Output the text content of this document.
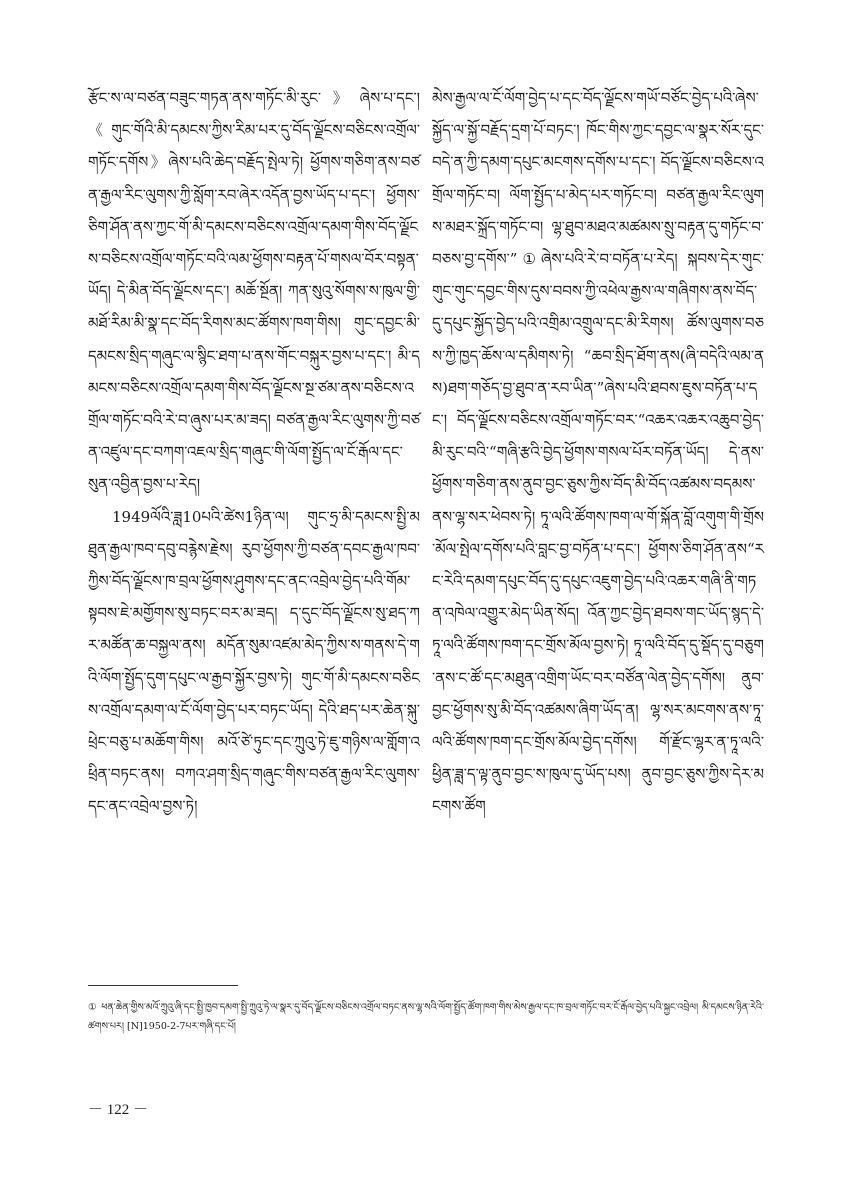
རྩོང་ས་ལ་བཙན་བཟུང་གཏན་ནས་གཏོང་མི་རུང་》ཞེས་པ་དང་། 《གུང་གོའི་མི་དམངས་ཀྱིས་རིམ་པར་དུ་བོད་ལྗོངས་བཅིངས་འགྲོལ་གཏོང་དགོས》ཞེས་པའི་ཆེད་བརྗོད་སྤེལ་ཏེ། ཕྱོགས་གཅིག་ནས་བཙན་རྒྱལ་རིང་ལུགས་ཀྱི་སློག་རབ་ཞེར་འདོན་བྱས་ཡོད་པ་དང་། ཕྱོགས་ཅིག་ཤོན་ནས་ཀྱང་གོ་མི་དམངས་བཅིངས་འགྲོལ་དམག་གིས་བོད་ལྗོངས་བཅིངས་འགྲོལ་གཏོང་བའི་ལམ་ཕྱོགས་བརྟན་པོ་གསལ་བོར་བསྟན་ཡོད། དེ་མིན་བོད་ལྗོངས་དང་། མཆོ་སྔོན། ཀན་སུའུ་སོགས་ས་ཁུལ་གྱི་མཐོ་རིམ་མི་སྣ་དང་བོད་རིགས་མང་ཚོགས་ཁག་གིས། གུང་དབྱང་མི་དམངས་སྲིད་གཞུང་ལ་སྙིང་ཐག་པ་ནས་གོང་བསྐུར་བྱས་པ་དང་། མི་དམངས་བཅིངས་འགྲོལ་དམག་གིས་བོད་ལྗོངས་སྔ་ཙམ་ནས་བཅིངས་འགྲོལ་གཏོང་བའི་རེ་བ་ཞུས་པར་མ་ཟད། བཙན་རྒྱལ་རིང་ལུགས་ཀྱི་བཙན་འཛུལ་དང་བཀག་འཇལ་སྲིད་གཞུང་གི་ལོག་སྤྱོད་ལ་ངོ་རྒོལ་དང་སུན་འབྱིན་བྱས་པ་རེད།

1949ལོའི་ཟླ10པའི་ཚེས1ཉིན་ལ། གུང་ཧྲ་མི་དམངས་སྤྱི་མཐུན་རྒྱལ་ཁབ་དབུ་བརྙེས་རྗེས། རུབ་ཕྱོགས་ཀྱི་བཙན་དབང་རྒྱལ་ཁབ་ཀྱིས་བོད་ལྗོངས་ཁ་བྲལ་ཕྱོགས་ཤུགས་དང་ནང་འབྲེལ་བྱེད་པའི་གོམ་སྟབས་ཇེ་མགྱོགས་སུ་བཏང་བར་མ་ཟད། ད་དུང་བོད་ལྗོངས་སུ་ཐད་ཀར་མཚོན་ཆ་བསྐྱལ་ནས། མདོན་སུམ་འཛམ་མེད་ཀྱིས་ས་གནས་དེ་གའི་ལོག་སྤྱོད་དུག་དཔུང་ལ་རྒྱབ་སྐྱོར་བྱས་ཏེ། གུང་གོ་མི་དམངས་བཅིངས་འགྲོལ་དམག་ལ་ངོ་ལོག་བྱེད་པར་བཏང་ཡོད། དེའི་ཐད་པར་ཆེན་སྐུ་ཕྲེང་བཅུ་པ་མཆོག་གིས། མའོ་ཙེ་ཏུང་དང་ཀྲུའུ་ཏེ་ཇུ་གཉིས་ལ་གློག་འཕྲིན་བཏང་ནས། བཀའ་ཤག་སྲིད་གཞུང་གིས་བཙན་རྒྱལ་རིང་ལུགས་དང་ནང་འབྲེལ་བྱས་ཏེ།

མེས་རྒྱལ་ལ་ངོ་ལོག་བྱེད་པ་དང་བོད་ལྗོངས་གཡོ་བཙོང་བྱེད་པའི་ཞེས་སྐྱོད་ལ་སྐྱོ་བརྗོད་དྲག་པོ་བཏང་། ཁོང་གིས་ཀྱང་དབྱང་ལ་སྣར་སོར་དུང་བདེ་ན་ཀྱི་དམག་དཔུང་མངགས་དགོས་པ་དང་། བོད་ལྗོངས་བཅིངས་འགྲོལ་གཏོང་བ། ལོག་སྤྱོད་པ་མེད་པར་གཏོང་བ། བཙན་རྒྱལ་རིང་ལུགས་མཐར་སྐྲོད་གཏོང་བ། ལྷ་ཐུབ་མཐའ་མཚམས་སྲུ་བརྟན་དུ་གཏོང་བ་བཅས་བྱ་དགོས་”①ཞེས་པའི་རེ་བ་བཏོན་པ་རེད། སྐབས་དེར་གུང་གུང་གུང་དབྱང་གིས་དུས་བབས་ཀྱི་འཕེལ་རྒྱས་ལ་གཞིགས་ནས་བོད་དུ་དཔུང་སྐྱོད་བྱེད་པའི་འགྲིམ་འགྲུལ་དང་མི་རིགས། ཚོས་ལུགས་བཅས་ཀྱི་ཁྱད་ཆོས་ལ་དམིགས་ཏེ། “ཆབ་སྲིད་ཐོག་ནས(ཞི་བདེའི་ལམ་ནས)ཐག་གཅོད་བྱ་ཐུབ་ན་རབ་ཡིན་”ཞེས་པའི་ཐབས་ཇུས་བཏོན་པ་དང་། བོད་ལྗོངས་བཅིངས་འགྲོལ་གཏོང་བར་“འཆར་འཆར་འཆུབ་བྱེད་མི་རུང་བའི་“གཞི་རྩའི་བྱེད་ཕྱོགས་གསལ་པོར་བཏོན་ཡོད། དེ་ནས་ཕྱོགས་གཅིག་ནས་ནུབ་བྱང་ཅུས་ཀྱིས་བོད་མི་བོད་འཚམས་བདམས་ནས་ལྷ་སར་ཕེབས་ཏེ། ཏཱ་ལའི་ཚོགས་ཁག་ལ་གོ་སྐོན་བློ་འགུག་གི་གྲོས་མོལ་སྤེལ་དགོས་པའི་བླང་བྱ་བཏོན་པ་དང་། ཕྱོགས་ཅིག་ཤོན་ནས“རང་རེའི་དམག་དཔུང་བོད་དུ་དཔུང་འཇུག་བྱེད་པའི་འཆར་གཞི་ནི་གཏན་འཁེལ་འགྱུར་མེད་ཡིན་སོད། འོན་ཀྱང་བྱེད་ཐབས་གང་ཡོད་སྙད་དེ་ཏཱ་ལའི་ཚོགས་ཁག་དང་གྲོས་མོལ་བྱས་ཏེ། ཏཱ་ལའི་བོད་དུ་སྡོད་དུ་བཅུག་ནས་ང་ཚོ་དང་མཐུན་འགྲིག་ཡོང་བར་བཙོན་ལེན་བྱེད་དགོས། ནུབ་བྱང་ཕྱོགས་སུ་མི་བོད་འཚམས་ཞིག་ཡོད་ན། ལྷ་སར་མངགས་ནས་ཏཱ་ལའི་ཚོགས་ཁག་དང་གྲོས་མོལ་བྱེད་དགོས། གོ་རྫོང་ལྷར་ན་ཏཱ་ལའི་ཕྱིན་ཟླ་ད་ལྟ་ནུབ་བྱང་ས་ཁུལ་དུ་ཡོད་པས། ནུབ་བྱང་ཅུས་ཀྱིས་དེར་མངགས་ཚོག

① ཕན་ཆེན་གྱིས་མའོ་ཀྲུའུ་ཞི་དང་སྤྱི་ཁྱབ་དམག་སྤྱི་ཀྲུའུ་ཏེ་ལ་སྣར་དུ་བོད་ལྗོངས་བཅིངས་འགྲོལ་བཏང་ནས་ལྷ་སའི་ལོག་སྤྱོད་ཚོག་ཁག་གིས་མེས་རྒྱལ་དང་ཁ་བྲལ་གཏོང་བར་ངོ་རྒོལ་བྱེད་པའི་སྐྱང་འབྲེལ། མི་དམངས་ཉིན་རེའི་ཚགས་པར། [N]1950-2-7པར་གཞི་དང་པོ།

－ 122 －
